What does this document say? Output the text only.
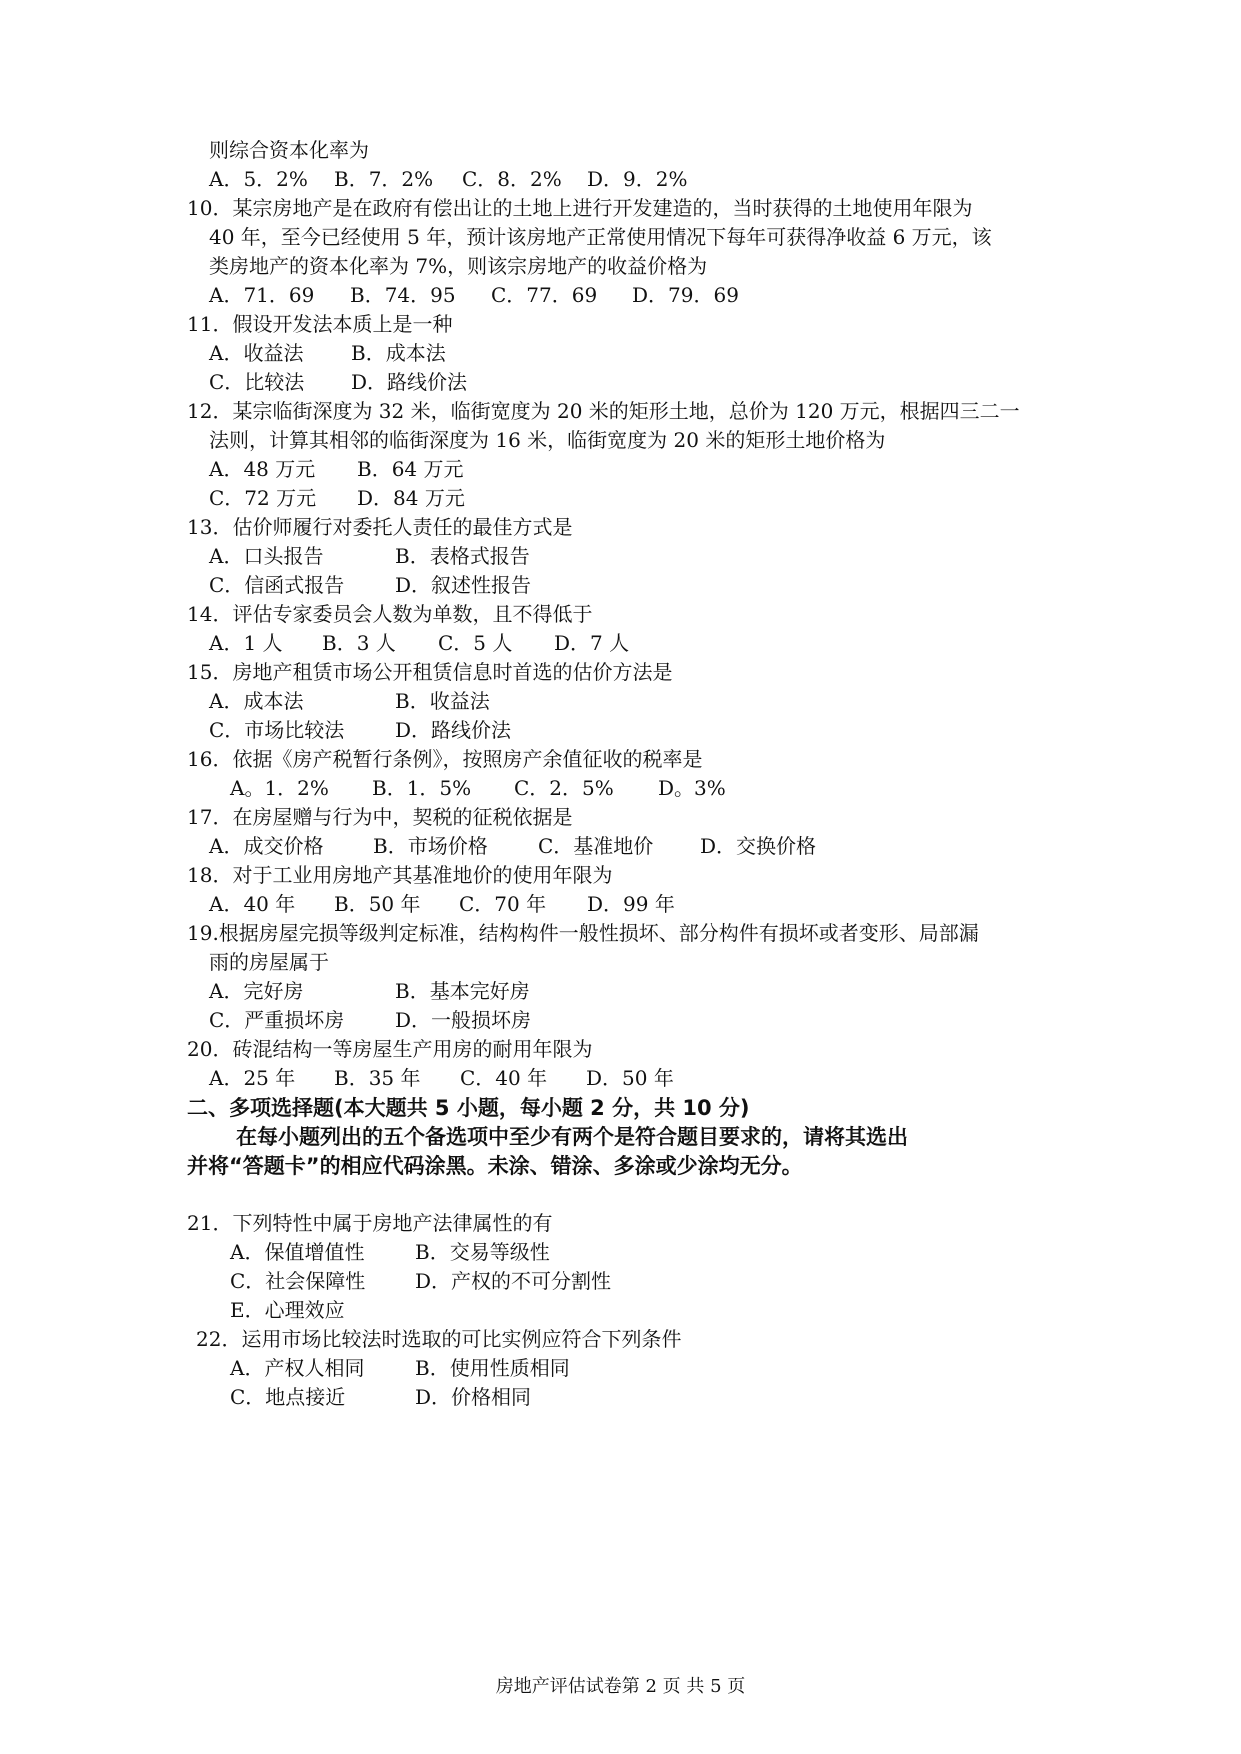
则综合资本化率为
A．5．2%	B．7．2%	C．8．2%	D．9．2%
10．某宗房地产是在政府有偿出让的土地上进行开发建造的，当时获得的土地使用年限为
40 年，至今已经使用 5 年，预计该房地产正常使用情况下每年可获得净收益 6 万元，该
类房地产的资本化率为 7%，则该宗房地产的收益价格为
A．71．69	B．74．95	C．77．69	D．79．69
11．假设开发法本质上是一种
A．收益法	B．成本法
C．比较法	D．路线价法
12．某宗临街深度为 32 米，临街宽度为 20 米的矩形土地，总价为 120 万元，根据四三二一
法则，计算其相邻的临街深度为 16 米，临街宽度为 20 米的矩形土地价格为
A．48 万元	B．64 万元
C．72 万元	D．84 万元
13．估价师履行对委托人责任的最佳方式是
A．口头报告	B．表格式报告
C．信函式报告	D．叙述性报告
14．评估专家委员会人数为单数，且不得低于
A．1 人	B．3 人	C．5 人	D．7 人
15．房地产租赁市场公开租赁信息时首选的估价方法是
A．成本法	B．收益法
C．市场比较法	D．路线价法
16．依据《房产税暂行条例》，按照房产余值征收的税率是
A。1．2%	B．1．5%	C．2．5%	D。3%
17．在房屋赠与行为中，契税的征税依据是
A．成交价格	B．市场价格	C．基准地价	D．交换价格
18．对于工业用房地产其基准地价的使用年限为
A．40 年	B．50 年	C．70 年	D．99 年
19.根据房屋完损等级判定标准，结构构件一般性损坏、部分构件有损坏或者变形、局部漏
雨的房屋属于
A．完好房	B．基本完好房
C．严重损坏房	D．一般损坏房
20．砖混结构一等房屋生产用房的耐用年限为
A．25 年	B．35 年	C．40 年	D．50 年
二、多项选择题(本大题共 5 小题，每小题 2 分，共 10 分)
在每小题列出的五个备选项中至少有两个是符合题目要求的，请将其选出
并将“答题卡”的相应代码涂黑。未涂、错涂、多涂或少涂均无分。
21．下列特性中属于房地产法律属性的有
A．保值增值性	B．交易等级性
C．社会保障性	D．产权的不可分割性
E．心理效应
22．运用市场比较法时选取的可比实例应符合下列条件
A．产权人相同	B．使用性质相同
C．地点接近	D．价格相同
房地产评估试卷第 2 页 共 5 页
